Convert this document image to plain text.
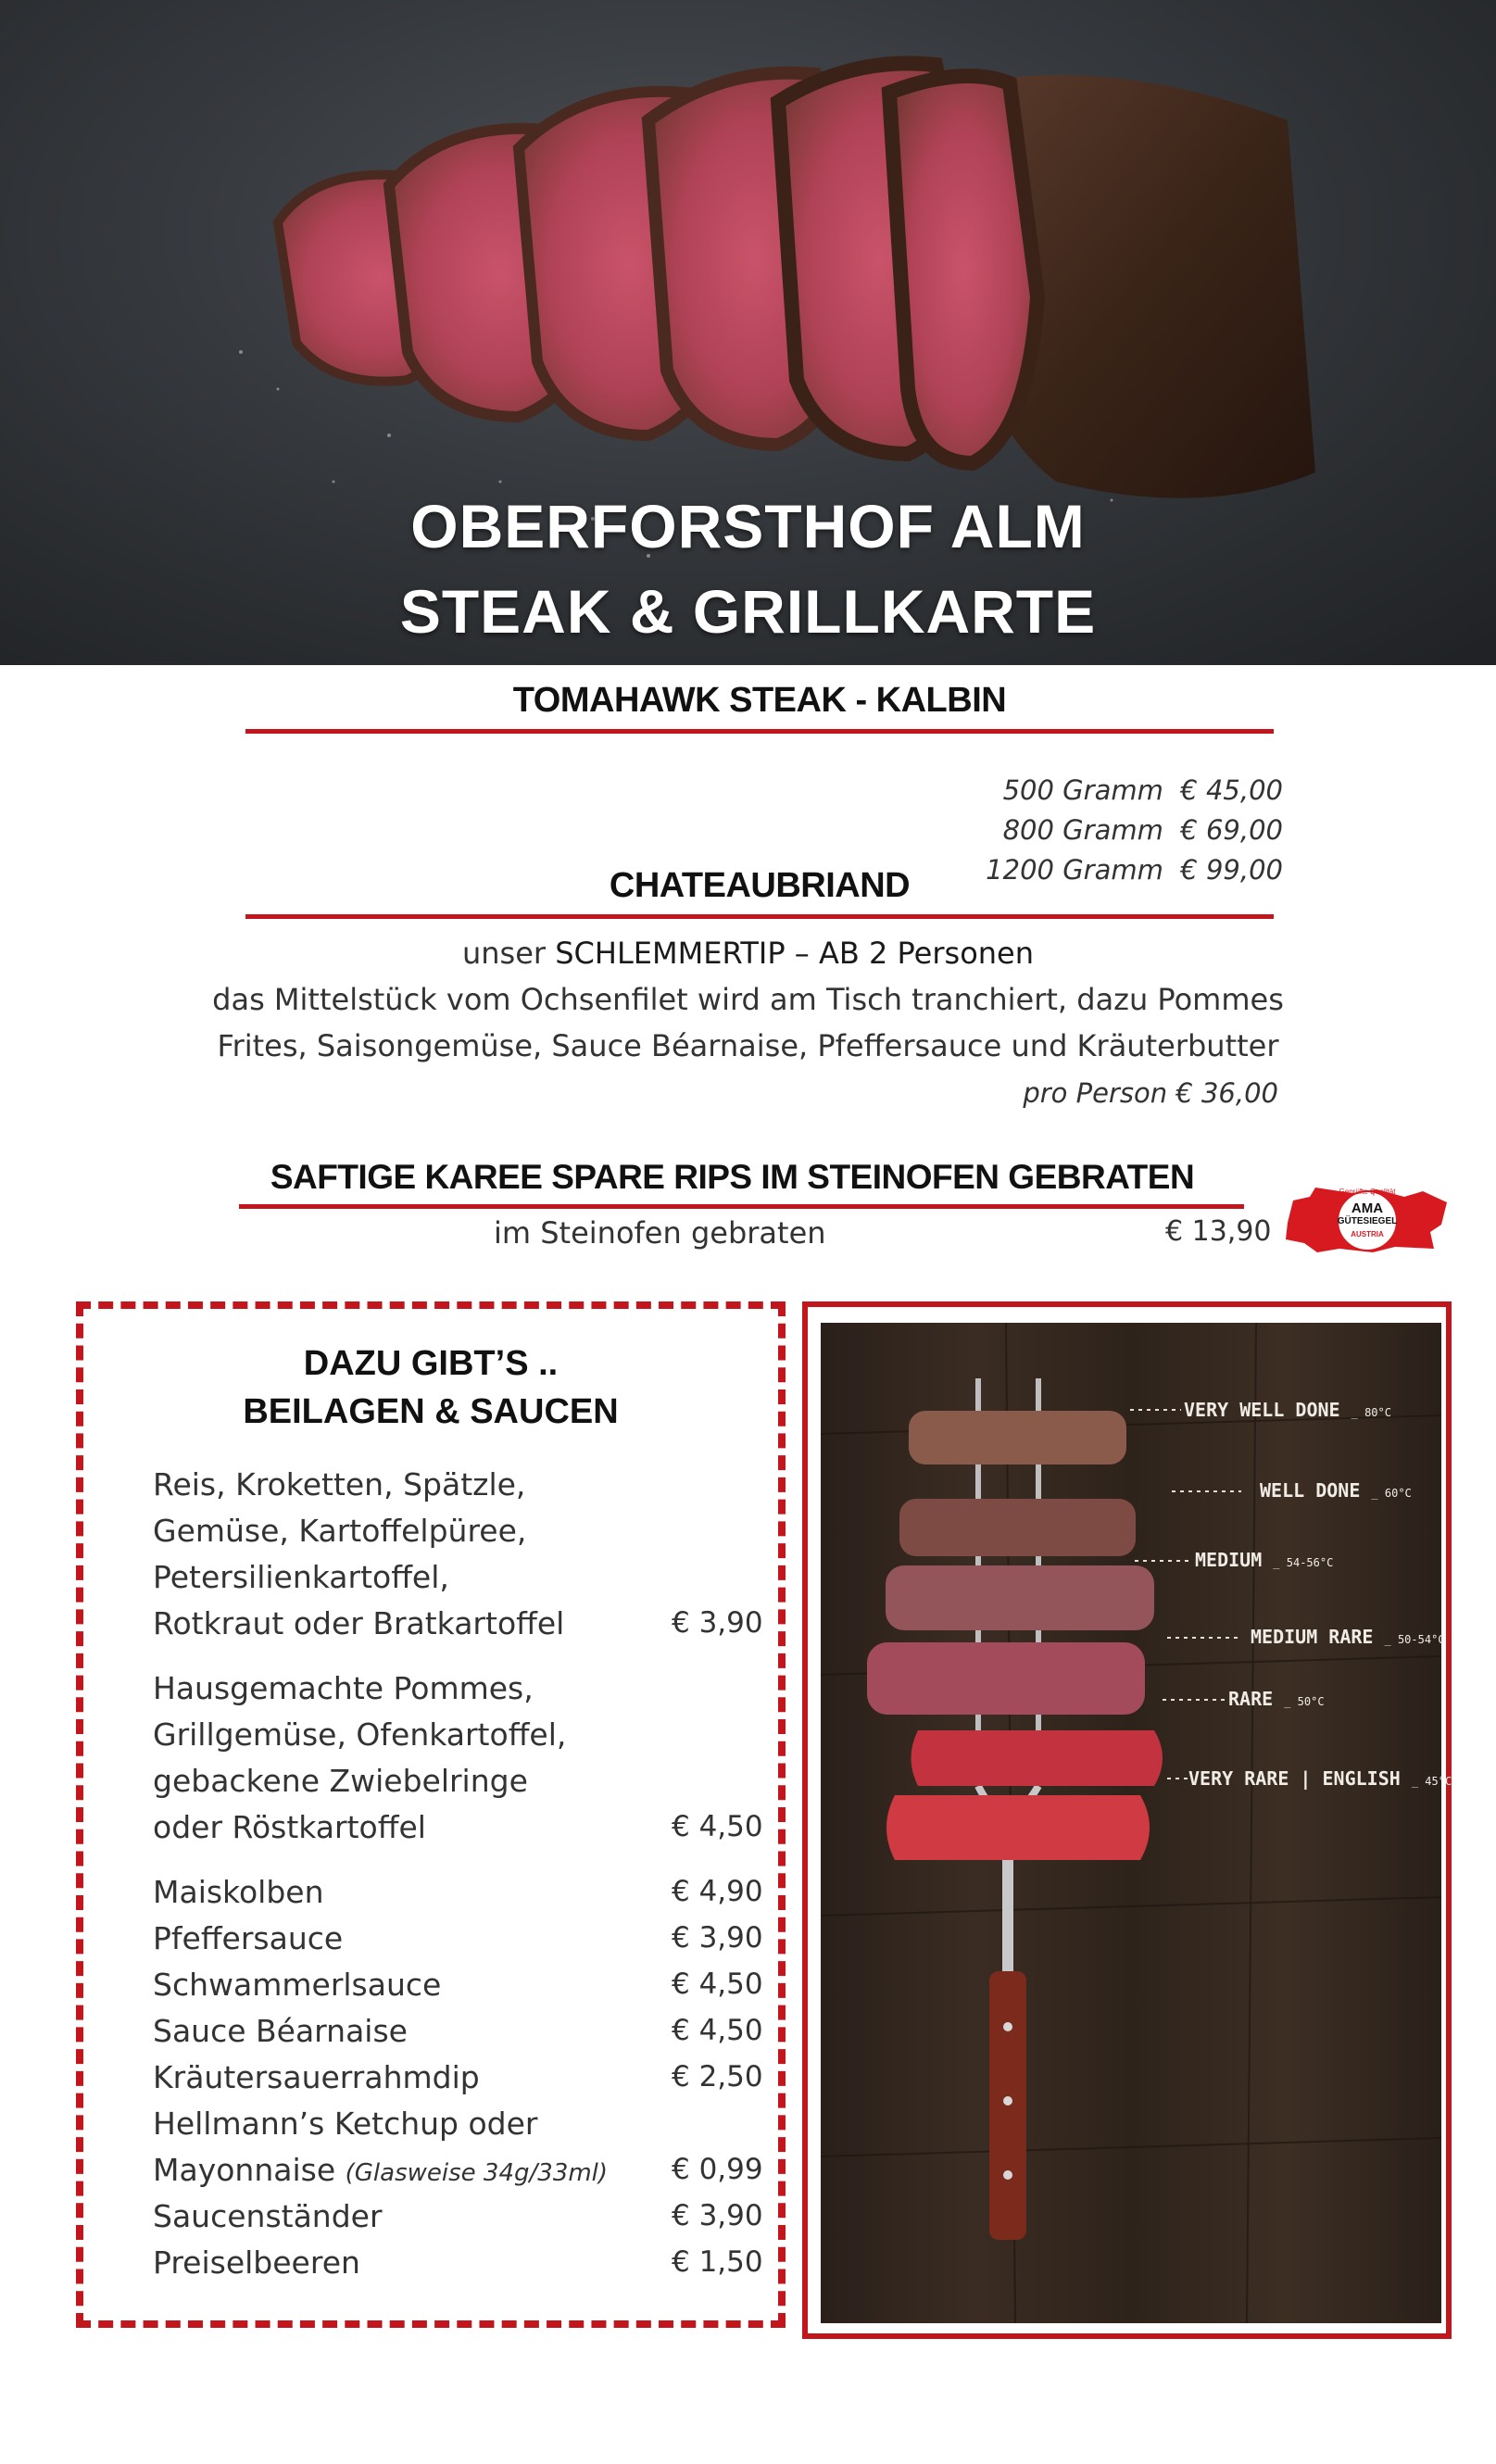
OBERFORSTHOF ALM
STEAK & GRILLKARTE
TOMAHAWK STEAK - KALBIN

500 Gramm € 45,00

800 Gramm € 69,00

1200 Gramm € 99,00

CHATEAUBRIAND
unser SCHLEMMERTIP – AB 2 Personen
das Mittelstück vom Ochsenfilet wird am Tisch tranchiert, dazu Pommes
Frites, Saisongemüse, Sauce Béarnaise, Pfeffersauce und Kräuterbutter
pro Person € 36,00
SAFTIGE KAREE SPARE RIPS IM STEINOFEN GEBRATEN
im Steinofen gebraten	€ 13,90
Geprüfte Qualität
AMA
GÜTESIEGEL
AUSTRIA
DAZU GIBT’S ..
BEILAGEN & SAUCEN
Reis, Kroketten, Spätzle,
Gemüse, Kartoffelpüree,
Petersilienkartoffel,
Rotkraut oder Bratkartoffel	€ 3,90
Hausgemachte Pommes,
Grillgemüse, Ofenkartoffel,
gebackene Zwiebelringe
oder Röstkartoffel	€ 4,50
Maiskolben	€ 4,90
Pfeffersauce	€ 3,90
Schwammerlsauce	€ 4,50
Sauce Béarnaise	€ 4,50
Kräutersauerrahmdip	€ 2,50
Hellmann’s Ketchup oder
Mayonnaise (Glasweise 34g/33ml) € 0,99
Saucenständer	€ 3,90
Preiselbeeren	€ 1,50
VERY WELL DONE _ 80°C
WELL DONE _ 60°C
MEDIUM _ 54-56°C
MEDIUM RARE _ 50-54°C
RARE _ 50°C
VERY RARE | ENGLISH _ 45°C
